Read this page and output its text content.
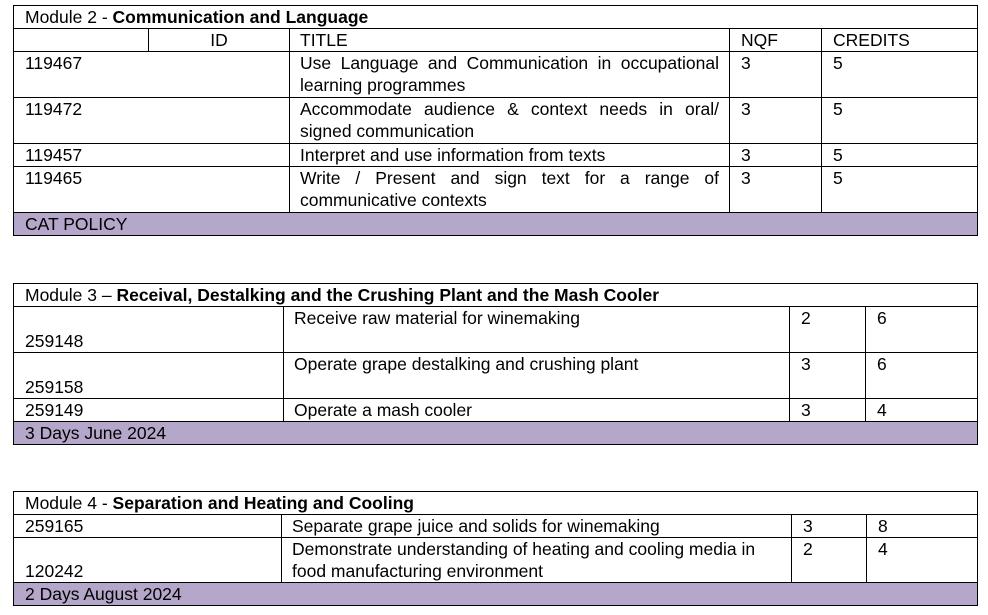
Module 2 - Communication and Language				
	ID	TITLE	NQF	CREDITS
119467		Use Language and Communication in occupational learning programmes	3	5
119472		Accommodate audience & context needs in oral/ signed communication	3	5
119457		Interpret and use information from texts	3	5
119465		Write / Present and sign text for a range of communicative contexts	3	5
CAT POLICY				
Module 3 – Receival, Destalking and the Crushing Plant and the Mash Cooler			
259148	Receive raw material for winemaking	2	6
259158	Operate grape destalking and crushing plant	3	6
259149	Operate a mash cooler	3	4
3 Days June 2024			
Module 4 - Separation and Heating and Cooling			
259165	Separate grape juice and solids for winemaking	3	8
120242	Demonstrate understanding of heating and cooling media in food manufacturing environment	2	4
2 Days August 2024			
